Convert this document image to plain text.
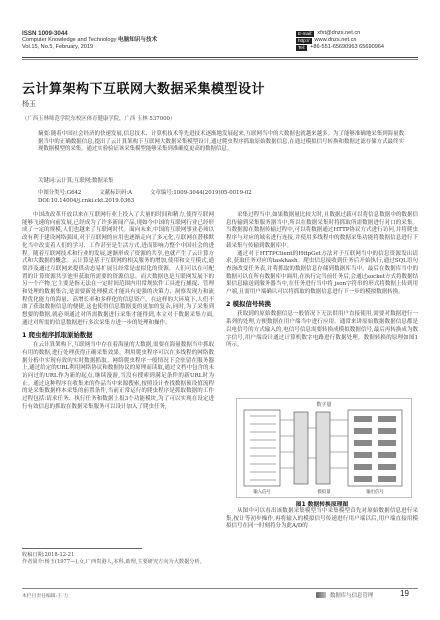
ISSN 1009-3044
Computer Knowledge and Technology 电脑知识与技术
Vol.15, No.5, February, 2019
E-mail: xfxt@dnzs.net.cn
http:// www.dnzs.net.cn
Tel: +86-551-65690963 65690964
云计算架构下互联网大数据采集模型设计
杨玉
（广西玉林师范学院东校区体育健康学院，广西 玉林 537000）
摘要:随着中国社会经济的快速发展,信息技术、计算机技术等先进技术逐渐地发展起来,互联网当中的大数据也就越来越多。为了能够准确地采集到海量数据当中的正确数据信息,提出了云计算架构下互联网大数据采集模型设计,通过爬虫程序抓取原始数据信息,在通过模拟信号转换和数据过滤存储方式最终实现数据模型的采集。通过实验验证该采集模型能够采集到准确度更高的数据信息。
关键词:云计算;互联网;数据采集
中图分类号:G642	文献标识码:A	文章编号:1009-3044(2019)05-0019-02
DOI:10.14004/j.cnki.ckt.2019.0363

中国改改革开放以来在互联网行业上投入了大量的时间和精力,使得互联网能够飞速的向前发展,已经成为了许多新闻产品,现如今中国的互联网行业已经形成了一定的规模,人们也越来了互联网时代。面向未来,中国的互联网事业必须以改有利于建设网络强国,对于互联网的应用也逐渐走向了多元化,互联网在潜移默化当中改变着人们的学习、工作甚至是生活方式,进而影响力整个中国社会的进程。随着互联网技术和行业的发展,逐渐形成了资源的共享,也就产生了云计算方式和大数据的概念。云计算是基于互联网的相关服务的增加,使用和交互模式,通常涉及通过互联网来提供动态易扩展且经常是虚拟化的资源。人们可以在可配置的计算资源共享池里获取所需要的资源信息。而大数据也是互联网发展下的另一个产物,它主要是指无法在一定时间范围内用常规软件工具进行捕捉、管理和处理的数据集合,是需要新处理模式才能具有更强的决策力、洞察发现力和流程优化能力的海量、高增长率和多样化的信息资产。在这样的大环境下,人们不敢了获取数据信息的便捷,这也使得信息数据变的更加的复杂,同时,为了采集到想要的数据,就必须通过对所需数据进行采集才能得到,本文对于数据采集方面,通过对所需的信息数据进行多次采集方进一步的处理和操作。

1 爬虫程序抓取原始数据

在云计算架构下,互联网当中存在着海量的大数据,需要在海量数据当中抓取有用的数据,进行处理获得正确采集效果。利用爬虫程序可以在多线程的网络数据分析中实现有效的实时数据抓取。网络爬虫程序一般情况下会驻留在服务器上,通过给定的URL利用网络协议和数据协议的原理而读取,通过文档中包含的未访问过的URL作为新的起点,继续漫游,当没有搜索到满足条件的新URL时为止。通过这种程序在收集来的作品当中来源搜索,按照设计查找数据预设值流程的是采集数据样本采集的前置条件,当前正常运行的爬虫程序是抓取数据的工作过程包括:请求任务、执行任务和数据上报3个功能模块,为了可以实现在设定进行有效信息的抓取在数据采集服务可以设计加入了爬虫任务,

采集过程当中,如果数据量比较大时,且数据过载可以将信息数据中的数据信息传输到采集服务器当中,所以在数据采集时将抓取所需数据进行对口的采集。当数据源在数据传输过程中,可以将数据通过HTTP协议方式进行访问,并将爬虫程序与对应的域名进行连接,并使用多线程中的数据采集功能将数据信息进行下载采集与传输到数据库中。

通过对于HTTPClient的HttpGet方法对于互联网当中的信息资源发出请求,获取任务对应的taskhash。爬虫信息接收到任务后开始执行,通过SQL语句查询改变任务表,并将抓取的数据信息存储到数据库当中。最后在数据库当中的数据可以在所有数据库中调用,在执行完当前任务后,会通过socket方式将数据结果信息输送到服务器当中,在任务进行当中将 json字符串的形式将数据上传到用户端,且需用户端确认可以将抓取的数据信息进行下一步的模拟数据转换。

2 模拟信号转换

获取到的原始数据信息一般情况下无法供用户直接使用,需要对数据进行一系列的处理,方便数据在用户端当中进行应用。通常来讲原始数据数据信息都是以电信号的方式输入的,电信号信息需要转换成模拟数据信号,最后再转换成为数字信号,用户端设计通过计算机数字电路进行数据处理。数据转换的原理如图1所示。

数字量
输入信号	模拟量	输出信号
图1 数据转换原理图

从图中可以看出该数据采集模型当中采集模型首先对原始数据信息进行采集,按计等初步操作,再将输入的模拟信号传递进行用户端以后,用户端直接用模拟信号在同一时刻将分为此A/D的

收稿日期:2018-12-21
作者简介:杨玉(1977—),女,广西贵港人,本科,助理,主要研究方向为大数据分析。
本栏目责任编辑:王 力	数据库与信息管理	19
